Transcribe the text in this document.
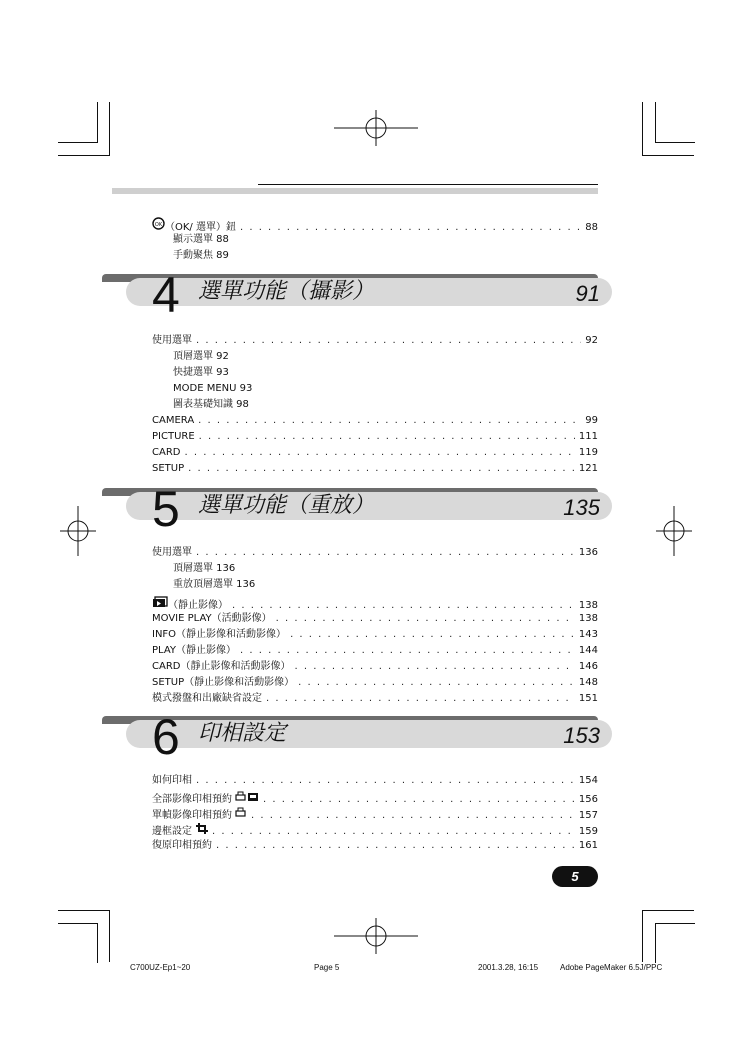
OK （OK/ 選單）鈕 . . .	88
顯示選單 88
手動聚焦 89
4 選單功能（攝影）	91
使用選單 . . .	92
頂層選單 92
快捷選單 93
MODE MENU 93
圖表基礎知識 98
CAMERA . . .	99
PICTURE . . .	111
CARD . . .	119
SETUP . . .	121
5 選單功能（重放）	135
使用選單 . . .	136
頂層選單 136
重放頂層選單 136
（靜止影像） . . .	138
MOVIE PLAY（活動影像） . . .	138
INFO（靜止影像和活動影像） . . .	143
PLAY（靜止影像） . . .	144
CARD（靜止影像和活動影像） . . .	146
SETUP（靜止影像和活動影像） . . .	148
模式撥盤和出廠缺省設定 . . .	151
6 印相設定	153
如何印相 . . .	154
全部影像印相預約 . . .	156
單幀影像印相預約 . . .	157
邊框設定 . . .	159
復原印相預約 . . .	161
5
C700UZ-Ep1~20	Page 5	2001.3.28, 16:15	Adobe PageMaker 6.5J/PPC
